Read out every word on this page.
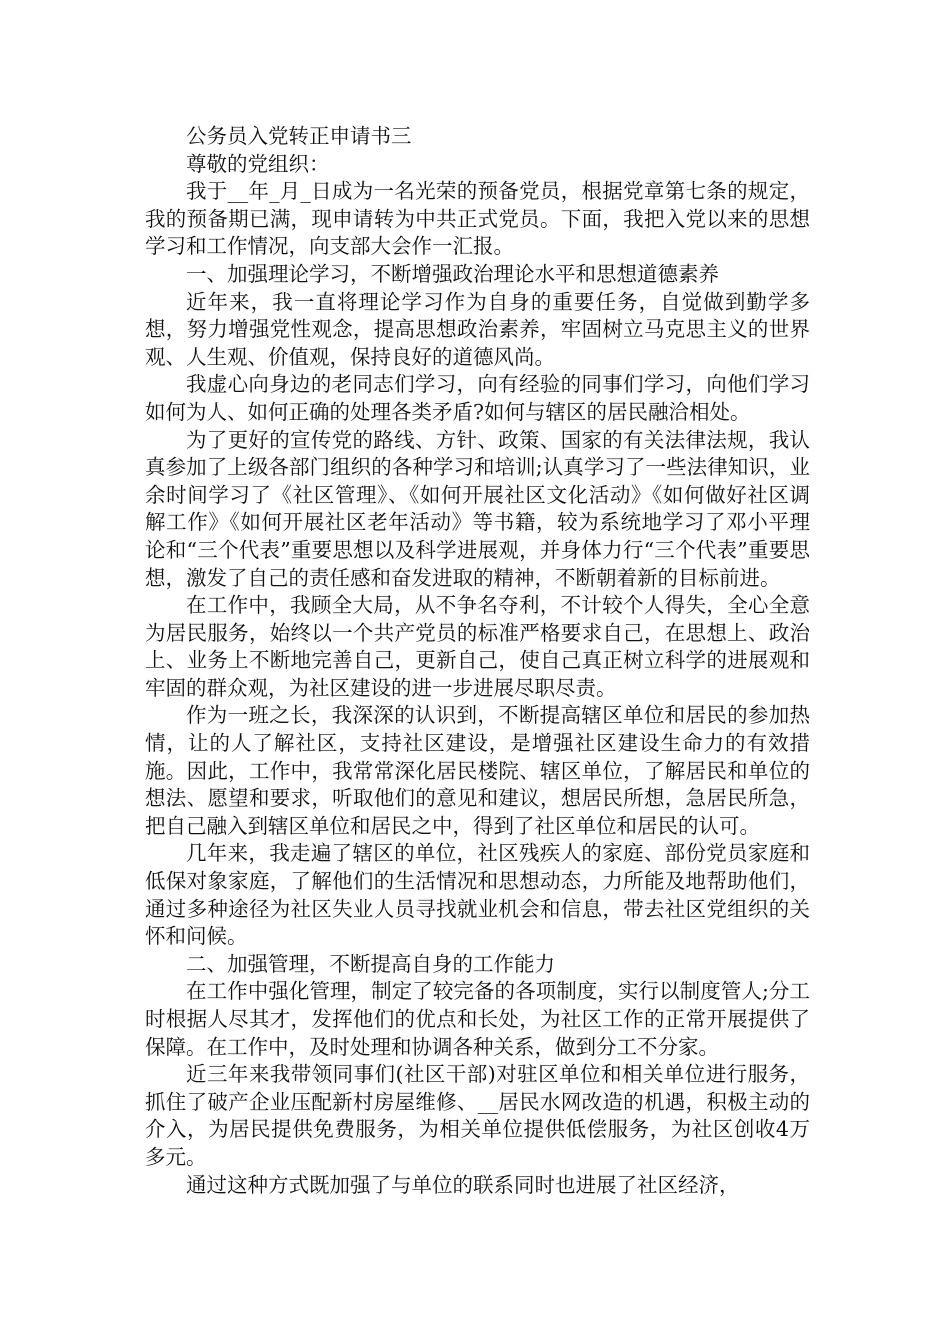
公务员入党转正申请书三

尊敬的党组织：

我于__年_月_日成为一名光荣的预备党员，根据党章第七条的规定，我的预备期已满，现申请转为中共正式党员。下面，我把入党以来的思想学习和工作情况，向支部大会作一汇报。

一、加强理论学习，不断增强政治理论水平和思想道德素养

近年来，我一直将理论学习作为自身的重要任务，自觉做到勤学多想，努力增强党性观念，提高思想政治素养，牢固树立马克思主义的世界观、人生观、价值观，保持良好的道德风尚。

我虚心向身边的老同志们学习，向有经验的同事们学习，向他们学习如何为人、如何正确的处理各类矛盾?如何与辖区的居民融洽相处。

为了更好的宣传党的路线、方针、政策、国家的有关法律法规，我认真参加了上级各部门组织的各种学习和培训;认真学习了一些法律知识，业余时间学习了《社区管理》、《如何开展社区文化活动》《如何做好社区调解工作》《如何开展社区老年活动》等书籍，较为系统地学习了邓小平理论和“三个代表”重要思想以及科学进展观，并身体力行“三个代表”重要思想，激发了自己的责任感和奋发进取的精神，不断朝着新的目标前进。

在工作中，我顾全大局，从不争名夺利，不计较个人得失，全心全意为居民服务，始终以一个共产党员的标准严格要求自己，在思想上、政治上、业务上不断地完善自己，更新自己，使自己真正树立科学的进展观和牢固的群众观，为社区建设的进一步进展尽职尽责。

作为一班之长，我深深的认识到，不断提高辖区单位和居民的参加热情，让的人了解社区，支持社区建设，是增强社区建设生命力的有效措施。因此，工作中，我常常深化居民楼院、辖区单位，了解居民和单位的想法、愿望和要求，听取他们的意见和建议，想居民所想，急居民所急，把自己融入到辖区单位和居民之中，得到了社区单位和居民的认可。

几年来，我走遍了辖区的单位，社区残疾人的家庭、部份党员家庭和低保对象家庭，了解他们的生活情况和思想动态，力所能及地帮助他们，通过多种途径为社区失业人员寻找就业机会和信息，带去社区党组织的关怀和问候。

二、加强管理，不断提高自身的工作能力

在工作中强化管理，制定了较完备的各项制度，实行以制度管人;分工时根据人尽其才，发挥他们的优点和长处，为社区工作的正常开展提供了保障。在工作中，及时处理和协调各种关系，做到分工不分家。

近三年来我带领同事们(社区干部)对驻区单位和相关单位进行服务，抓住了破产企业压配新村房屋维修、__居民水网改造的机遇，积极主动的介入，为居民提供免费服务，为相关单位提供低偿服务，为社区创收4万多元。

通过这种方式既加强了与单位的联系同时也进展了社区经济，
